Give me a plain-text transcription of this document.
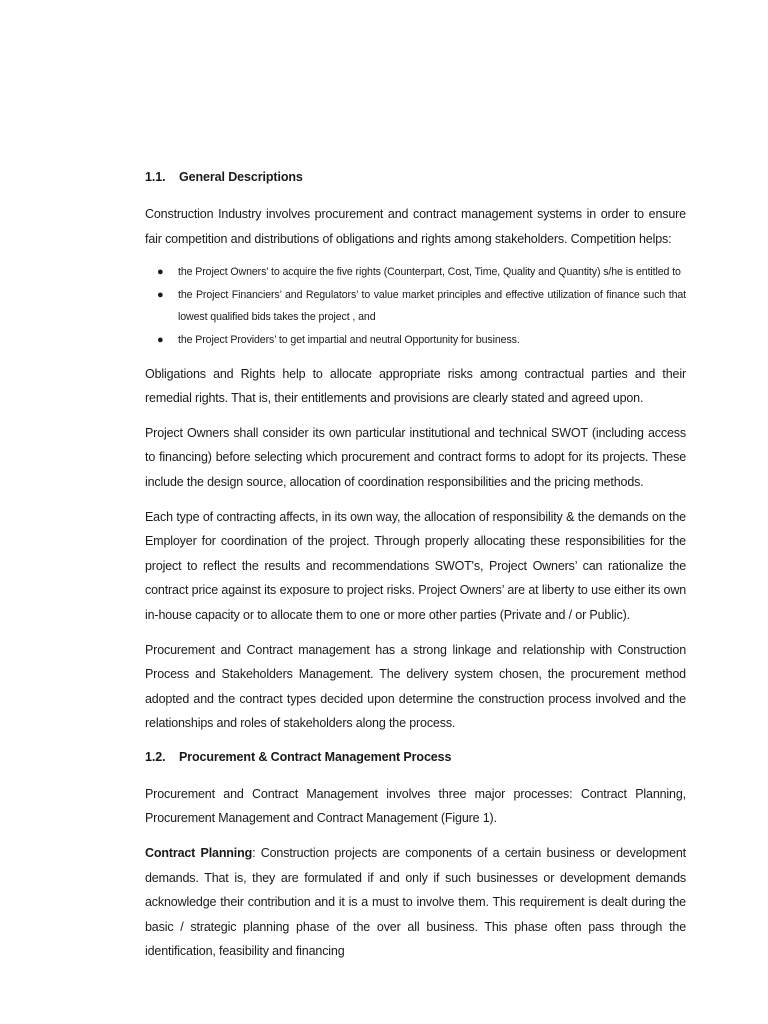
1.1.	General Descriptions

Construction Industry involves procurement and contract management systems in order to ensure fair competition and distributions of obligations and rights among stakeholders. Competition helps:

● the Project Owners’ to acquire the five rights (Counterpart, Cost, Time, Quality and Quantity) s/he is entitled to
● the Project Financiers’ and Regulators’ to value market principles and effective utilization of finance such that lowest qualified bids takes the project , and
● the Project Providers’ to get impartial and neutral Opportunity for business.

Obligations and Rights help to allocate appropriate risks among contractual parties and their remedial rights. That is, their entitlements and provisions are clearly stated and agreed upon.

Project Owners shall consider its own particular institutional and technical SWOT (including access to financing) before selecting which procurement and contract forms to adopt for its projects. These include the design source, allocation of coordination responsibilities and the pricing methods.

Each type of contracting affects, in its own way, the allocation of responsibility & the demands on the Employer for coordination of the project. Through properly allocating these responsibilities for the project to reflect the results and recommendations SWOT's, Project Owners’ can rationalize the contract price against its exposure to project risks. Project Owners’ are at liberty to use either its own in-house capacity or to allocate them to one or more other parties (Private and / or Public).

Procurement and Contract management has a strong linkage and relationship with Construction Process and Stakeholders Management. The delivery system chosen, the procurement method adopted and the contract types decided upon determine the construction process involved and the relationships and roles of stakeholders along the process.

1.2.	Procurement & Contract Management Process

Procurement and Contract Management involves three major processes: Contract Planning, Procurement Management and Contract Management (Figure 1).

Contract Planning: Construction projects are components of a certain business or development demands. That is, they are formulated if and only if such businesses or development demands acknowledge their contribution and it is a must to involve them. This requirement is dealt during the basic / strategic planning phase of the over all business. This phase often pass through the identification, feasibility and financing
